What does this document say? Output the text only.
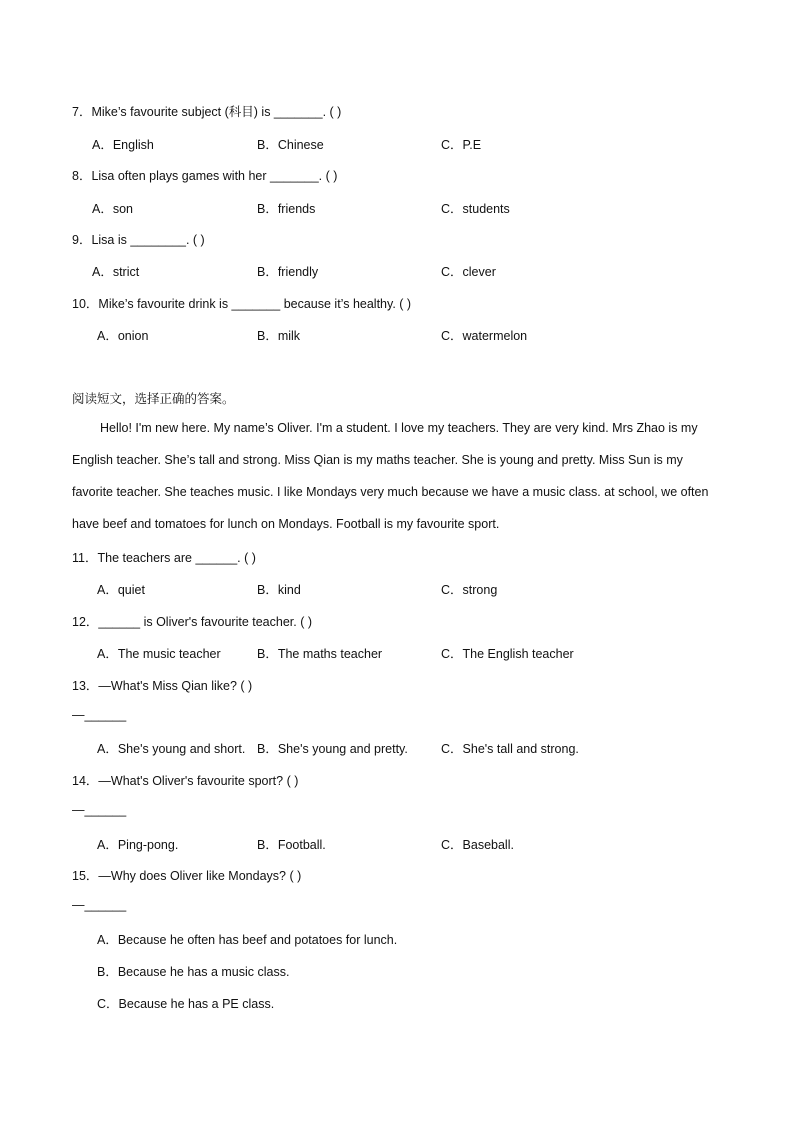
7．Mike’s favourite subject (科目) is _______. ( )
A．English	B．Chinese	C．P.E
8．Lisa often plays games with her _______. ( )
A．son	B．friends	C．students
9．Lisa is ________. ( )
A．strict	B．friendly	C．clever
10．Mike’s favourite drink is _______ because it’s healthy. ( )
A．onion	B．milk	C．watermelon
阅读短文，选择正确的答案。
Hello! I'm new here. My name’s Oliver. I'm a student. I love my teachers. They are very kind. Mrs Zhao is my
English teacher. She’s tall and strong. Miss Qian is my maths teacher. She is young and pretty. Miss Sun is my
favorite teacher. She teaches music. I like Mondays very much because we have a music class. at school, we often
have beef and tomatoes for lunch on Mondays. Football is my favourite sport.
11．The teachers are ______. ( )
A．quiet	B．kind	C．strong
12．______ is Oliver's favourite teacher. ( )
A．The music teacher	B．The maths teacher	C．The English teacher
13．—What's Miss Qian like? ( )
—______
A．She's young and short. B．She's young and pretty.	C．She's tall and strong.
14．—What's Oliver's favourite sport? ( )
—______
A．Ping-pong.	B．Football.	C．Baseball.
15．—Why does Oliver like Mondays? ( )
—______
A．Because he often has beef and potatoes for lunch.
B．Because he has a music class.
C．Because he has a PE class.
